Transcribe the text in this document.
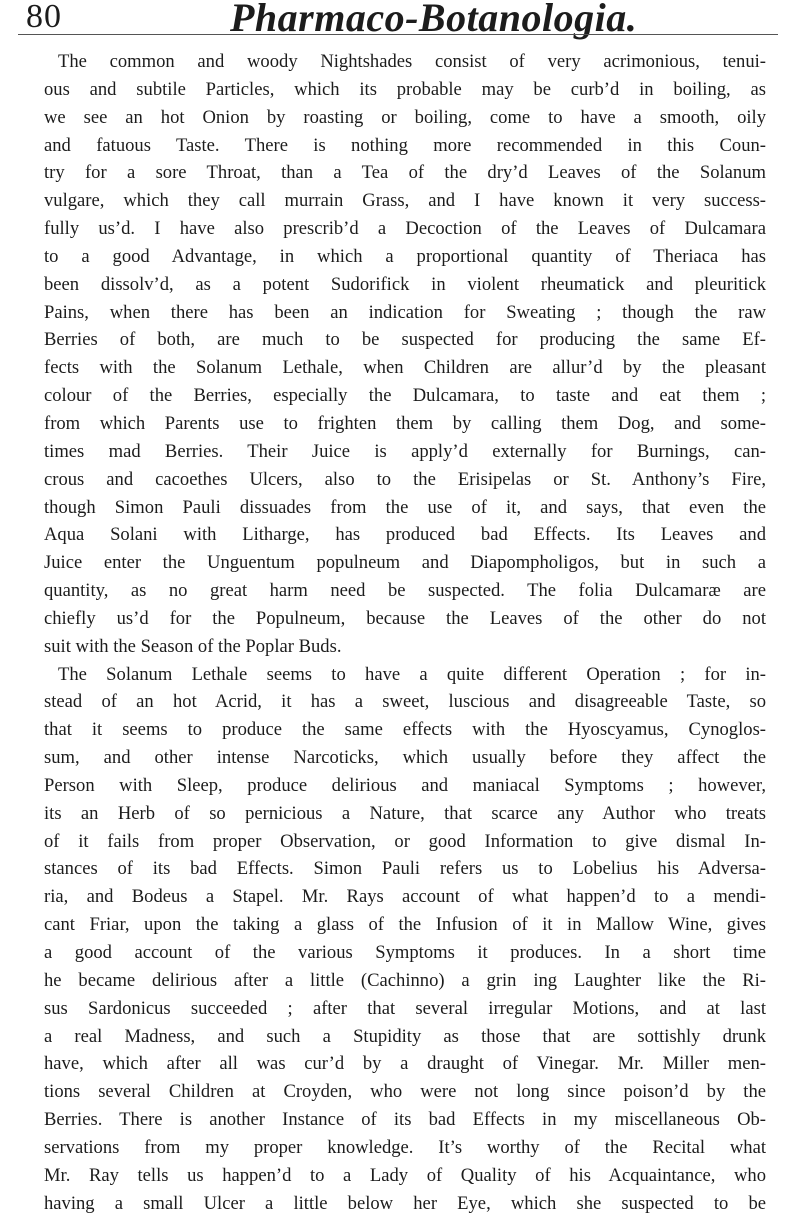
80	Pharmaco-Botanologia.
The common and woody Nightshades consist of very acrimonious, tenui-
ous and subtile Particles, which its probable may be curb’d in boiling, as
we see an hot Onion by roasting or boiling, come to have a smooth, oily
and fatuous Taste. There is nothing more recommended in this Coun-
try for a sore Throat, than a Tea of the dry’d Leaves of the Solanum
vulgare, which they call murrain Grass, and I have known it very success-
fully us’d. I have also prescrib’d a Decoction of the Leaves of Dulcamara
to a good Advantage, in which a proportional quantity of Theriaca has
been dissolv’d, as a potent Sudorifick in violent rheumatick and pleuritick
Pains, when there has been an indication for Sweating ; though the raw
Berries of both, are much to be suspected for producing the same Ef-
fects with the Solanum Lethale, when Children are allur’d by the pleasant
colour of the Berries, especially the Dulcamara, to taste and eat them ;
from which Parents use to frighten them by calling them Dog, and some-
times mad Berries. Their Juice is apply’d externally for Burnings, can-
crous and cacoethes Ulcers, also to the Erisipelas or St. Anthony’s Fire,
though Simon Pauli dissuades from the use of it, and says, that even the
Aqua Solani with Litharge, has produced bad Effects. Its Leaves and
Juice enter the Unguentum populneum and Diapompholigos, but in such a
quantity, as no great harm need be suspected. The folia Dulcamaræ are
chiefly us’d for the Populneum, because the Leaves of the other do not
suit with the Season of the Poplar Buds.
The Solanum Lethale seems to have a quite different Operation ; for in-
stead of an hot Acrid, it has a sweet, luscious and disagreeable Taste, so
that it seems to produce the same effects with the Hyoscyamus, Cynoglos-
sum, and other intense Narcoticks, which usually before they affect the
Person with Sleep, produce delirious and maniacal Symptoms ; however,
its an Herb of so pernicious a Nature, that scarce any Author who treats
of it fails from proper Observation, or good Information to give dismal In-
stances of its bad Effects. Simon Pauli refers us to Lobelius his Adversa-
ria, and Bodeus a Stapel. Mr. Rays account of what happen’d to a mendi-
cant Friar, upon the taking a glass of the Infusion of it in Mallow Wine, gives
a good account of the various Symptoms it produces. In a short time
he became delirious after a little (Cachinno) a grin ing Laughter like the Ri-
sus Sardonicus succeeded ; after that several irregular Motions, and at last
a real Madness, and such a Stupidity as those that are sottishly drunk
have, which after all was cur’d by a draught of Vinegar. Mr. Miller men-
tions several Children at Croyden, who were not long since poison’d by the
Berries. There is another Instance of its bad Effects in my miscellaneous Ob-
servations from my proper knowledge. It’s worthy of the Recital what
Mr. Ray tells us happen’d to a Lady of Quality of his Acquaintance, who
having a small Ulcer a little below her Eye, which she suspected to be
